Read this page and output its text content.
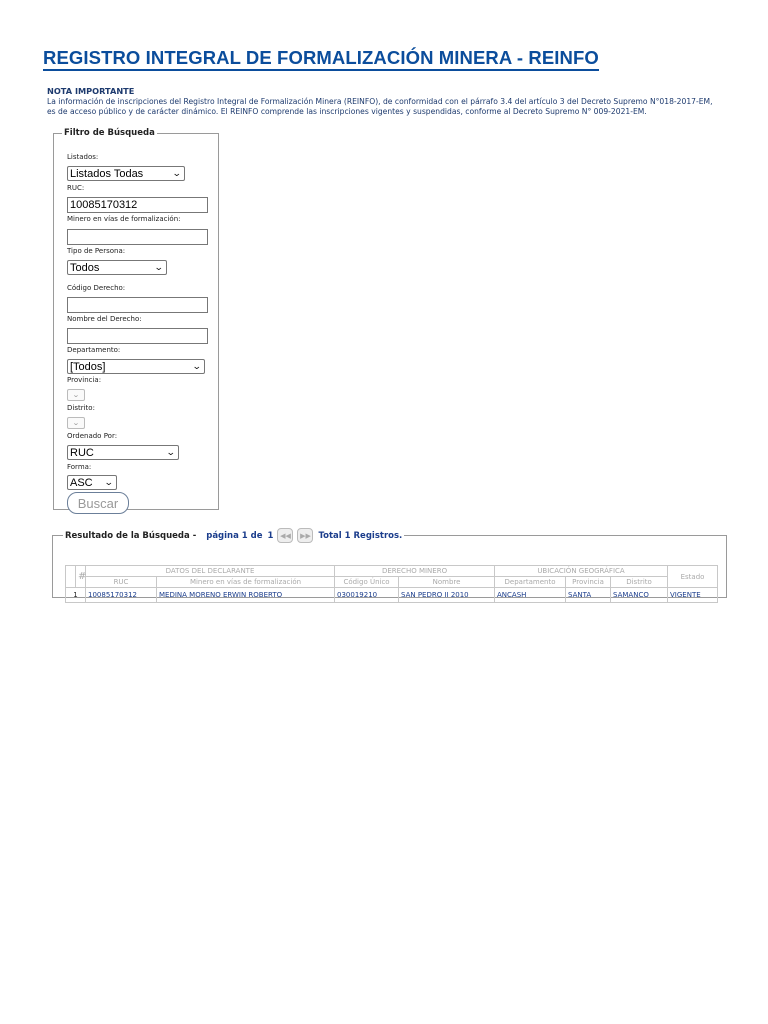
REGISTRO INTEGRAL DE FORMALIZACIÓN MINERA - REINFO
NOTA IMPORTANTE
La información de inscripciones del Registro Integral de Formalización Minera (REINFO), de conformidad con el párrafo 3.4 del artículo 3 del Decreto Supremo N°018-2017-EM, es de acceso público y de carácter dinámico. El REINFO comprende las inscripciones vigentes y suspendidas, conforme al Decreto Supremo N° 009-2021-EM.
Filtro de Búsqueda
Listados:
Listados Todas	⌄
RUC:
10085170312
Minero en vías de formalización:
Tipo de Persona:
Todos	⌄
Código Derecho:
Nombre del Derecho:
Departamento:
[Todos]	⌄
Provincia:
⌄
Distrito:
⌄
Ordenado Por:
RUC	⌄
Forma:
ASC ⌄
Buscar
Resultado de la Búsqueda - página 1 de 1 ◀◀	▶▶ Total 1 Registros.
	#	DATOS DEL DECLARANTE		DERECHO MINERO		UBICACIÓN GEOGRÁFICA			Estado
		RUC	Minero en vías de formalización	Código Único	Nombre	Departamento	Provincia	Distrito	
1		10085170312	MEDINA MORENO ERWIN ROBERTO	030019210	SAN PEDRO II 2010	ANCASH	SANTA	SAMANCO	VIGENTE
